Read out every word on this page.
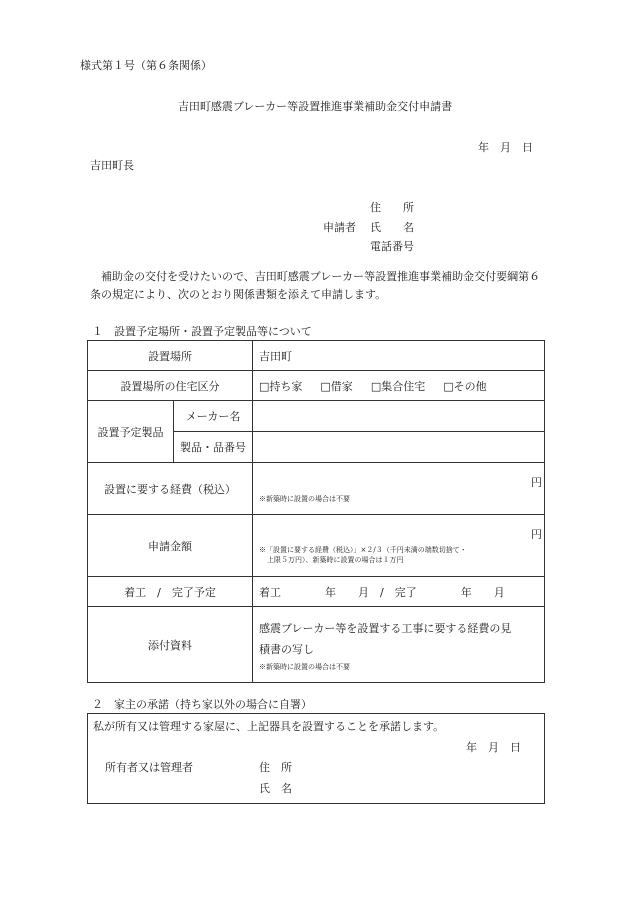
様式第１号（第６条関係）
吉田町感震ブレーカー等設置推進事業補助金交付申請書
年　月　日
吉田町長
住　　所
申請者 氏　　名
電話番号
補助金の交付を受けたいので、吉田町感震ブレーカー等設置推進事業補助金交付要綱第６条の規定により、次のとおり関係書類を添えて申請します。
１　設置予定場所・設置予定製品等について
設置場所		吉田町
設置場所の住宅区分		□持ち家 □借家 □集合住宅 □その他
設置予定製品	メーカー名	
	製品・品番号	
設置に要する経費（税込）		円
※新築時に設置の場合は不要

申請金額		円
※「設置に要する経費（税込）」×２/３（千円未満の端数切捨て・
上限５万円）、新築時に設置の場合は１万円

着工　/　完了予定		着工　　　　年　　月　/　完了　　　　年　　月
添付資料		感震ブレーカー等を設置する工事に要する経費の見
積書の写し
※新築時に設置の場合は不要
２　家主の承諾（持ち家以外の場合に自署）
私が所有又は管理する家屋に、上記器具を設置することを承諾します。
年　月　日
所有者又は管理者	住　所
氏　名
